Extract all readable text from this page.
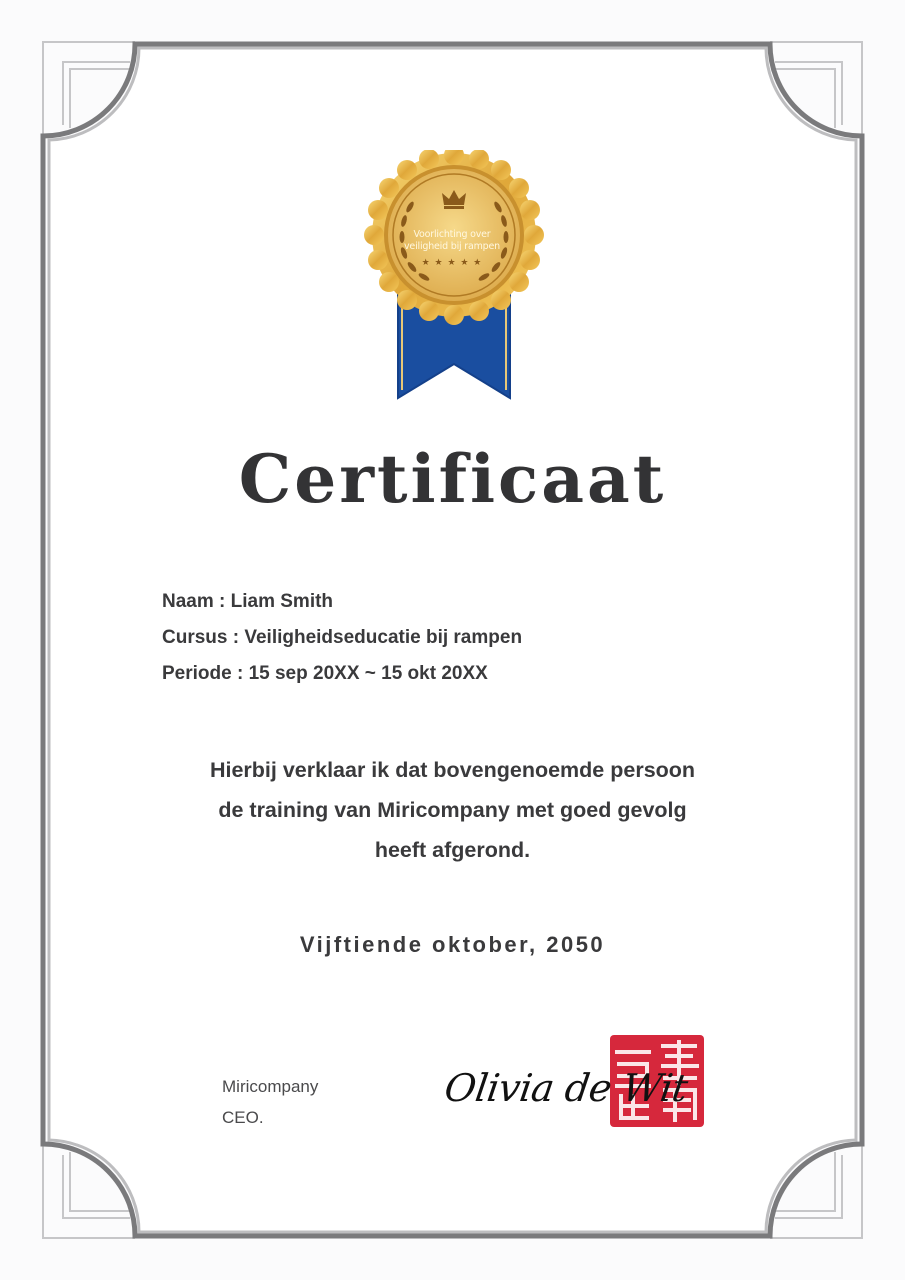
Voorlichting over
veiligheid bij rampen
★ ★ ★ ★ ★
Certificaat
Naam : Liam Smith
Cursus : Veiligheidseducatie bij rampen
Periode : 15 sep 20XX ~ 15 okt 20XX
Hierbij verklaar ik dat bovengenoemde persoon
de training van Miricompany met goed gevolg
heeft afgerond.
Vijftiende oktober, 2050
Miricompany
CEO.
Olivia de Wit
